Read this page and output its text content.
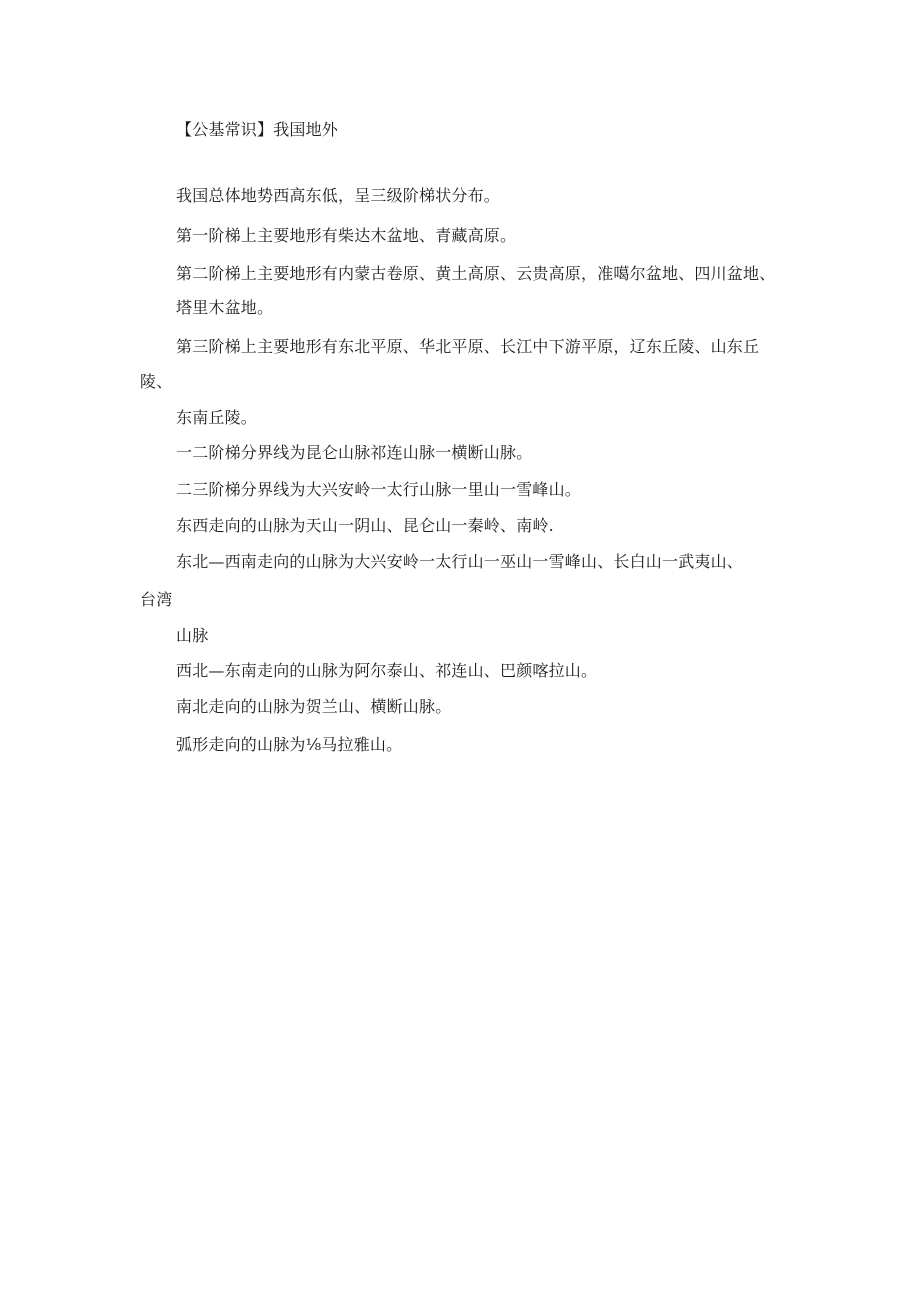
【公基常识】我国地外
我国总体地势西高东低，呈三级阶梯状分布。
第一阶梯上主要地形有柴达木盆地、青藏高原。
第二阶梯上主要地形有内蒙古卷原、黄土高原、云贵高原，准噶尔盆地、四川盆地、
塔里木盆地。
第三阶梯上主要地形有东北平原、华北平原、长江中下游平原，辽东丘陵、山东丘
陵、
东南丘陵。
一二阶梯分界线为昆仑山脉祁连山脉一横断山脉。
二三阶梯分界线为大兴安岭一太行山脉一里山一雪峰山。
东西走向的山脉为天山一阴山、昆仑山一秦岭、南岭.
东北—西南走向的山脉为大兴安岭一太行山一巫山一雪峰山、长白山一武夷山、
台湾
山脉
西北—东南走向的山脉为阿尔泰山、祁连山、巴颜喀拉山。
南北走向的山脉为贺兰山、横断山脉。
弧形走向的山脉为⅛马拉雅山。
